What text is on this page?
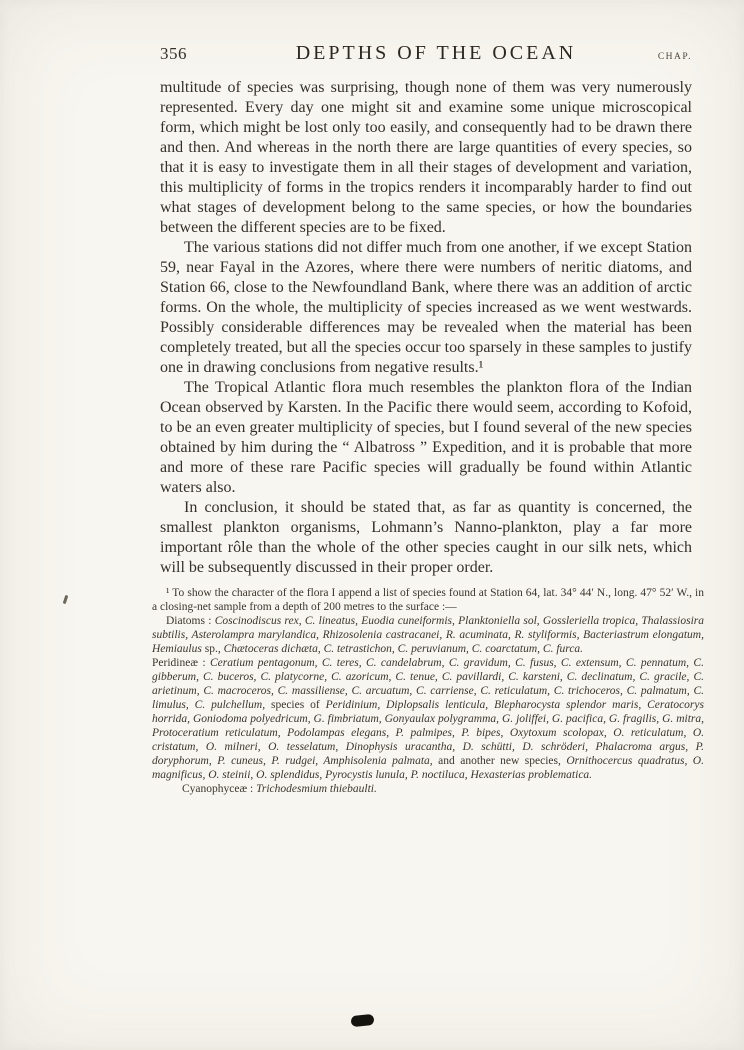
356	DEPTHS OF THE OCEAN	CHAP.

multitude of species was surprising, though none of them was very numerously represented. Every day one might sit and examine some unique microscopical form, which might be lost only too easily, and consequently had to be drawn there and then. And whereas in the north there are large quantities of every species, so that it is easy to investigate them in all their stages of development and variation, this multiplicity of forms in the tropics renders it incomparably harder to find out what stages of development belong to the same species, or how the boundaries between the different species are to be fixed.

The various stations did not differ much from one another, if we except Station 59, near Fayal in the Azores, where there were numbers of neritic diatoms, and Station 66, close to the Newfoundland Bank, where there was an addition of arctic forms. On the whole, the multiplicity of species increased as we went westwards. Possibly considerable differences may be revealed when the material has been completely treated, but all the species occur too sparsely in these samples to justify one in drawing conclusions from negative results.¹

The Tropical Atlantic flora much resembles the plankton flora of the Indian Ocean observed by Karsten. In the Pacific there would seem, according to Kofoid, to be an even greater multiplicity of species, but I found several of the new species obtained by him during the “ Albatross ” Expedition, and it is probable that more and more of these rare Pacific species will gradually be found within Atlantic waters also.

In conclusion, it should be stated that, as far as quantity is concerned, the smallest plankton organisms, Lohmann’s Nanno-plankton, play a far more important rôle than the whole of the other species caught in our silk nets, which will be subsequently discussed in their proper order.

¹ To show the character of the flora I append a list of species found at Station 64, lat. 34° 44′ N., long. 47° 52′ W., in a closing-net sample from a depth of 200 metres to the surface :—

Diatoms : Coscinodiscus rex, C. lineatus, Euodia cuneiformis, Planktoniella sol, Gossleriella tropica, Thalassiosira subtilis, Asterolampra marylandica, Rhizosolenia castracanei, R. acuminata, R. styliformis, Bacteriastrum elongatum, Hemiaulus sp., Chætoceras dichæta, C. tetrastichon, C. peruvianum, C. coarctatum, C. furca.

Peridineæ : Ceratium pentagonum, C. teres, C. candelabrum, C. gravidum, C. fusus, C. extensum, C. pennatum, C. gibberum, C. buceros, C. platycorne, C. azoricum, C. tenue, C. pavillardi, C. karsteni, C. declinatum, C. gracile, C. arietinum, C. macroceros, C. massiliense, C. arcuatum, C. carriense, C. reticulatum, C. trichoceros, C. palmatum, C. limulus, C. pulchellum, species of Peridinium, Diplopsalis lenticula, Blepharocysta splendor maris, Ceratocorys horrida, Goniodoma polyedricum, G. fimbriatum, Gonyaulax polygramma, G. joliffei, G. pacifica, G. fragilis, G. mitra, Protoceratium reticulatum, Podolampas elegans, P. palmipes, P. bipes, Oxytoxum scolopax, O. reticulatum, O. cristatum, O. milneri, O. tesselatum, Dinophysis uracantha, D. schütti, D. schröderi, Phalacroma argus, P. doryphorum, P. cuneus, P. rudgei, Amphisolenia palmata, and another new species, Ornithocercus quadratus, O. magnificus, O. steinii, O. splendidus, Pyrocystis lunula, P. noctiluca, Hexasterias problematica.

Cyanophyceæ : Trichodesmium thiebaulti.
